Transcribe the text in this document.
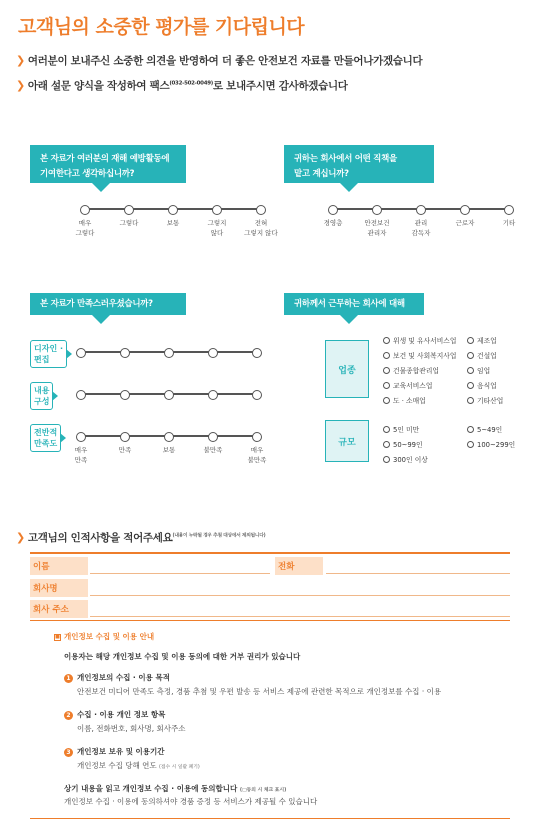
고객님의 소중한 평가를 기다립니다
❯ 여러분이 보내주신 소중한 의견을 반영하여 더 좋은 안전보건 자료를 만들어나가겠습니다
❯ 아래 설문 양식을 작성하여 팩스$^{(032-502-0049)}$로 보내주시면 감사하겠습니다
본 자료가 여러분의 재해 예방활동에
기여한다고 생각하십니까?
매우
그렇다
그렇다	보통	그렇지
않다
전혀
그렇지 않다
귀하는 회사에서 어떤 직책을
맡고 계십니까?
경영층	안전보건
관리자
관리
감독자
근로자	기타
본 자료가 만족스러우셨습니까?
디자인 ·
편집
내용
구성
전반적
만족도
매우
만족
만족	보통	불만족	매우
불만족
귀하께서 근무하는 회사에 대해
업종
위생 및 유사서비스업
보건 및 사회복지사업
건물종합관리업
교육서비스업
도 · 소매업
제조업
건설업
임업
음식업
기타산업
규모
5인 미만
50~99인
300인 이상
5~49인
100~299인
❯ 고객님의 인적사항을 적어주세요$^{(내용이 누락될 경우 추첨 대상에서 제외됩니다)}$
이름	전화
회사명
회사 주소
■ 개인정보 수집 및 이용 안내
이용자는 해당 개인정보 수집 및 이용 동의에 대한 거부 권리가 있습니다
1 개인정보의 수집 · 이용 목적
안전보건 미디어 만족도 측정, 경품 추첨 및 우편 발송 등 서비스 제공에 관련한 목적으로 개인정보를 수집 · 이용
2 수집 · 이용 개인 정보 항목
이름, 전화번호, 회사명, 회사주소
3 개인정보 보유 및 이용기간
개인정보 수집 당해 연도 (접수 시 일괄 폐기)
상기 내용을 읽고 개인정보 수집 · 이용에 동의합니다 (□동의 시 체크 표시)
개인정보 수집 · 이용에 동의하셔야 경품 증정 등 서비스가 제공될 수 있습니다
